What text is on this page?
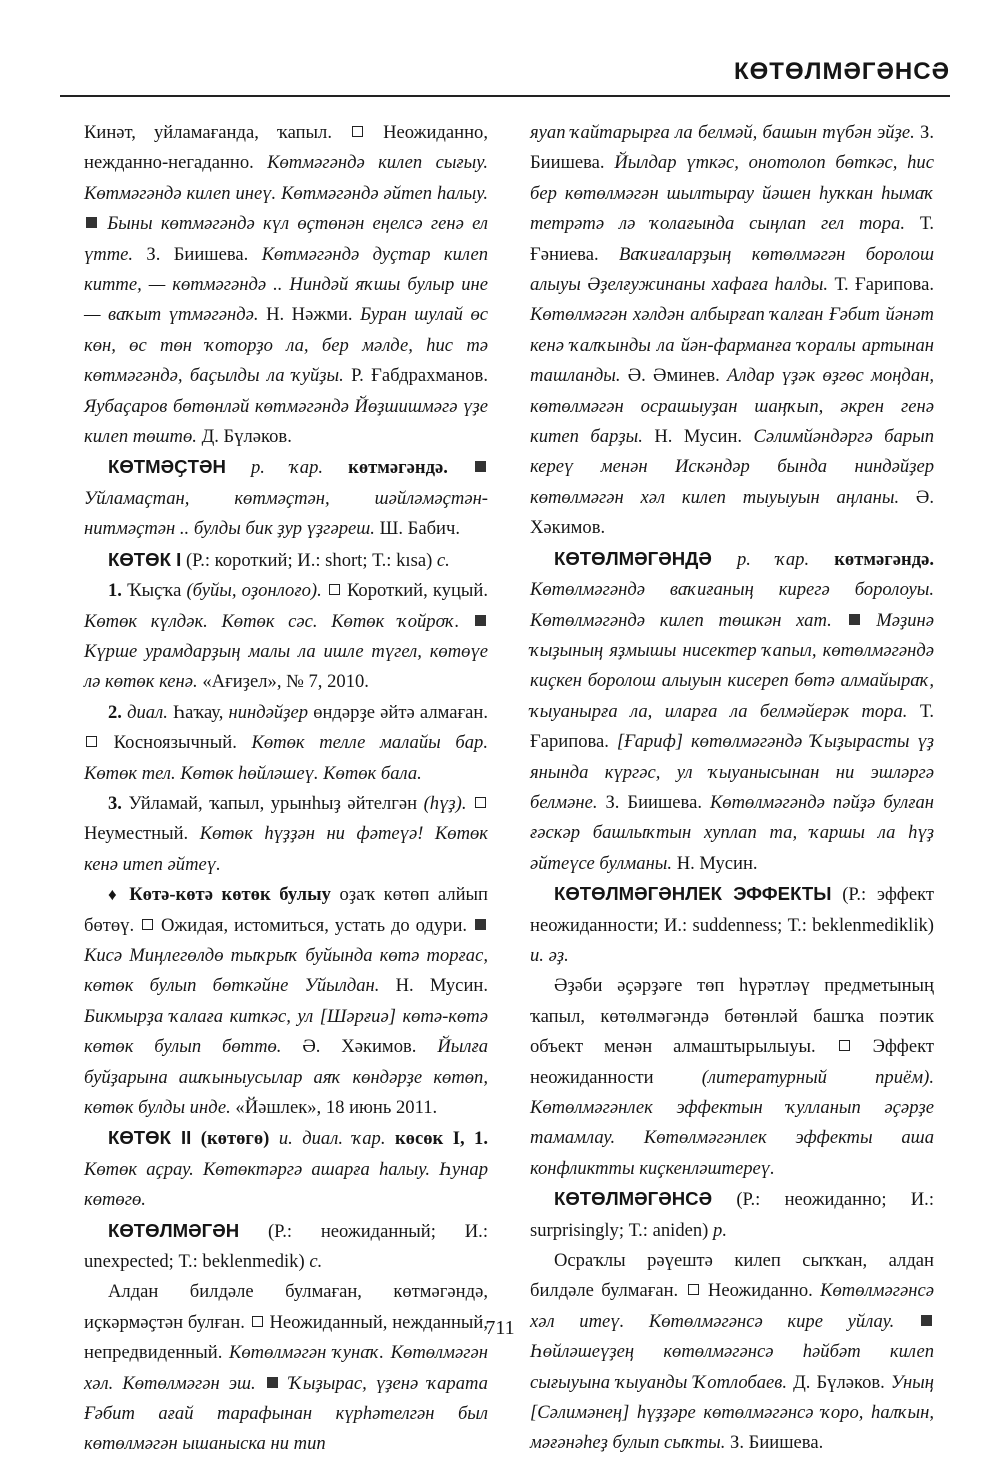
КӨТӨЛМӘГӘНСӘ

Кинәт, уйламағанда, ҡапыл.	Неожиданно, нежданно-негаданно. Көтмәгәндә килеп сығыу. Көтмәгәндә килеп инеү. Көтмәгәндә әйтеп һалыу.  Быны көтмәгәндә күл өҫтөнән еңелсә генә ел үтте. З. Биишева. Көтмәгәндә дуҫтар килеп китте, — көтмәгәндә .. Ниндәй яҡшы булыр ине — ваҡыт үтмәгәндә. Н. Нәжми. Буран шулай өс көн, өс төн ҡоторҙо ла, бер мәлде, һис тә көтмәгәндә, баҫылды ла ҡуйҙы. Р. Ғабдрахманов. Яубаҫаров бөтөнләй көтмәгәндә Йөҙшишмәгә үҙе килеп төштө. Д. Бүләков.

КӨТМӘҪТӘН р. ҡар. көтмәгәндә.  Уйламаҫтан, көтмәҫтән, шәйләмәҫтән-нитмәҫтән .. булды бик ҙур үҙгәреш. Ш. Бабич.

КӨТӨК I (Р.: короткий; И.: short; Т.: kısa) с.

1. Ҡыҫҡа (буйы, оҙонлоғо). Короткий, куцый. Көтөк күлдәк. Көтөк сәс. Көтөк ҡойроҡ.  Күрше урамдарҙың малы ла ишле түгел, көтөүе лә көтөк кенә. «Ағиҙел», № 7, 2010.

2. диал. Һаҡау, ниндәйҙер өндәрҙе әйтә алмаған.  Косноязычный. Көтөк телле малайы бар. Көтөк тел. Көтөк һөйләшеү. Көтөк бала.

3. Уйламай, ҡапыл, урынһыҙ әйтелгән (һүҙ).  Неуместный. Көтөк һүҙҙән ни фәтеүә! Көтөк кенә итеп әйтеү.

♦ Көтә-көтә көтөк булыу оҙаҡ көтөп алйып бөтөү. Ожидая, истомиться, устать до одури.  Кисә Миңлегөлдө тыҡрыҡ буйында көтә торғас, көтөк булып бөткәйне Уйылдан. Н. Мусин. Бикмырҙа ҡалаға киткәс, ул [Шәрғиә] көтә-көтә көтөк булып бөттө. Ә. Хәкимов. Йылға буйҙарына ашҡыныусылар аяҡ көндәрҙе көтөп, көтөк булды инде. «Йәшлек», 18 июнь 2011.

КӨТӨК II (көтөгө) и. диал. ҡар. көсөк I, 1. Көтөк аҫрау. Көтөктәргә ашарға һалыу. Һунар көтөгө.

КӨТӨЛМӘГӘН (Р.: неожиданный; И.: unexpected; Т.: beklenmedik) с.

Алдан билдәле булмаған, көтмәгәндә, иҫкәрмәҫтән булған. Неожиданный, нежданный, непредвиденный. Көтөлмәгән ҡунаҡ. Көтөлмәгән хәл. Көтөлмәгән эш. Ҡыҙырас, үҙенә ҡарата Ғәбит ағай тарафынан күрһәтелгән был көтөлмәгән ышаныска ни тип

яуап ҡайтарырға ла белмәй, башын түбән эйҙе. З. Биишева. Йылдар үткәс, онотолоп бөткәс, һис бер көтөлмәгән шылтырау йәшен һуҡкан һымаҡ тетрәтә лә ҡолағында сыңлап гел тора. Т. Ғәниева. Ваҡиғаларҙың көтөлмәгән боролош алыуы Әҙелғужинаны хафаға һалды. Т. Ғарипова. Көтөлмәгән хәлдән албырғап ҡалған Ғәбит йәнәт кенә ҡалҡынды ла йән-фарманға ҡоралы артынан ташланды. Ә. Әминев. Алдар үҙәк өҙгөс моңдан, көтөлмәгән осрашыуҙан шаңҡып, әкрен генә китеп барҙы. Н. Мусин. Сәлимйәндәргә барып кереү менән Искәндәр бында ниндәйҙер көтөлмәгән хәл килеп тыуыуын аңланы. Ә. Хәкимов.

КӨТӨЛМӘГӘНДӘ р. ҡар. көтмәгәндә. Көтөлмәгәндә ваҡиғаның кирегә боролоуы. Көтөлмәгәндә килеп төшкән хат. Мәҙинә ҡыҙының яҙмышы нисектер ҡапыл, көтөлмәгәндә киҫкен боролош алыуын кисереп бөтә алмайыраҡ, ҡыуанырға ла, иларға ла белмәйерәк тора. Т. Ғарипова. [Ғариф] көтөлмәгәндә Ҡыҙырасты үҙ янында күргәс, ул ҡыуанысынан ни эшләргә белмәне. З. Биишева. Көтөлмәгәндә пәйҙә булған ғәскәр башлыҡтын хуплап та, ҡаршы ла һүҙ әйтеүсе булманы. Н. Мусин.

КӨТӨЛМӘГӘНЛЕК ЭФФЕКТЫ (Р.: эффект неожиданности; И.: suddenness; Т.: beklenmediklik) и. әҙ.

Әҙәби әҫәрҙәге төп һүрәтләү предметының ҡапыл, көтөлмәгәндә бөтөнләй башҡа поэтик объект менән алмаштырылыуы.	Эффект неожиданности	(литературный приём). Көтөлмәгәнлек эффектын ҡулланып әҫәрҙе тамамлау. Көтөлмәгәнлек эффекты аша конфликтты киҫкенләштереү.

КӨТӨЛМӘГӘНСӘ (Р.: неожиданно; И.: surprisingly; Т.: aniden) р.

Осраҡлы рәүештә килеп сыҡҡан, алдан билдәле булмаған. Неожиданно. Көтөлмәгәнсә хәл итеү. Көтөлмәгәнсә кире уйлау.  Һөйләшеүҙең көтөлмәгәнсә һәйбәт килеп сығыуына ҡыуанды Ҡотлобаев. Д. Бүләков. Уның [Сәлимәнең] һүҙҙәре көтөлмәгәнсә ҡоро, һалҡын, мәғәнәһеҙ булып сыҡты. З. Биишева.

711
